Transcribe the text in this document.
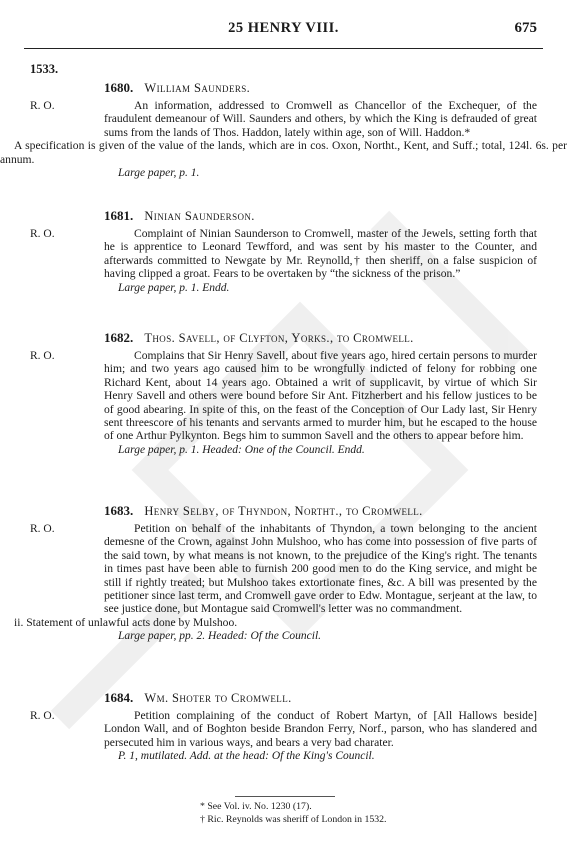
25 HENRY VIII.	675
1533.
1680. William Saunders.
R. O.	An information, addressed to Cromwell as Chancellor of the Exchequer, of the fraudulent demeanour of Will. Saunders and others, by which the King is defrauded of great sums from the lands of Thos. Haddon, lately within age, son of Will. Haddon.*

A specification is given of the value of the lands, which are in cos. Oxon, Northt., Kent, and Suff.; total, 124l. 6s. per annum.

Large paper, p. 1.
1681. Ninian Saunderson.
R. O.	Complaint of Ninian Saunderson to Cromwell, master of the Jewels, setting forth that he is apprentice to Leonard Tewfford, and was sent by his master to the Counter, and afterwards committed to Newgate by Mr. Reynolld,† then sheriff, on a false suspicion of having clipped a groat. Fears to be overtaken by “the sickness of the prison.”

Large paper, p. 1. Endd.
1682. Thos. Savell, of Clyfton, Yorks., to Cromwell.
R. O.	Complains that Sir Henry Savell, about five years ago, hired certain persons to murder him; and two years ago caused him to be wrongfully indicted of felony for robbing one Richard Kent, about 14 years ago. Obtained a writ of supplicavit, by virtue of which Sir Henry Savell and others were bound before Sir Ant. Fitzherbert and his fellow justices to be of good abearing. In spite of this, on the feast of the Conception of Our Lady last, Sir Henry sent threescore of his tenants and servants armed to murder him, but he escaped to the house of one Arthur Pylkynton. Begs him to summon Savell and the others to appear before him.

Large paper, p. 1. Headed: One of the Council. Endd.
1683. Henry Selby, of Thyndon, Northt., to Cromwell.
R. O.	Petition on behalf of the inhabitants of Thyndon, a town belonging to the ancient demesne of the Crown, against John Mulshoo, who has come into possession of five parts of the said town, by what means is not known, to the prejudice of the King's right. The tenants in times past have been able to furnish 200 good men to do the King service, and might be still if rightly treated; but Mulshoo takes extortionate fines, &c. A bill was presented by the petitioner since last term, and Cromwell gave order to Edw. Montague, serjeant at the law, to see justice done, but Montague said Cromwell's letter was no commandment.

ii. Statement of unlawful acts done by Mulshoo.

Large paper, pp. 2. Headed: Of the Council.
1684. Wm. Shoter to Cromwell.
R. O.	Petition complaining of the conduct of Robert Martyn, of [All Hallows beside] London Wall, and of Boghton beside Brandon Ferry, Norf., parson, who has slandered and persecuted him in various ways, and bears a very bad charater.

P. 1, mutilated. Add. at the head: Of the King's Council.
* See Vol. iv. No. 1230 (17).
† Ric. Reynolds was sheriff of London in 1532.
